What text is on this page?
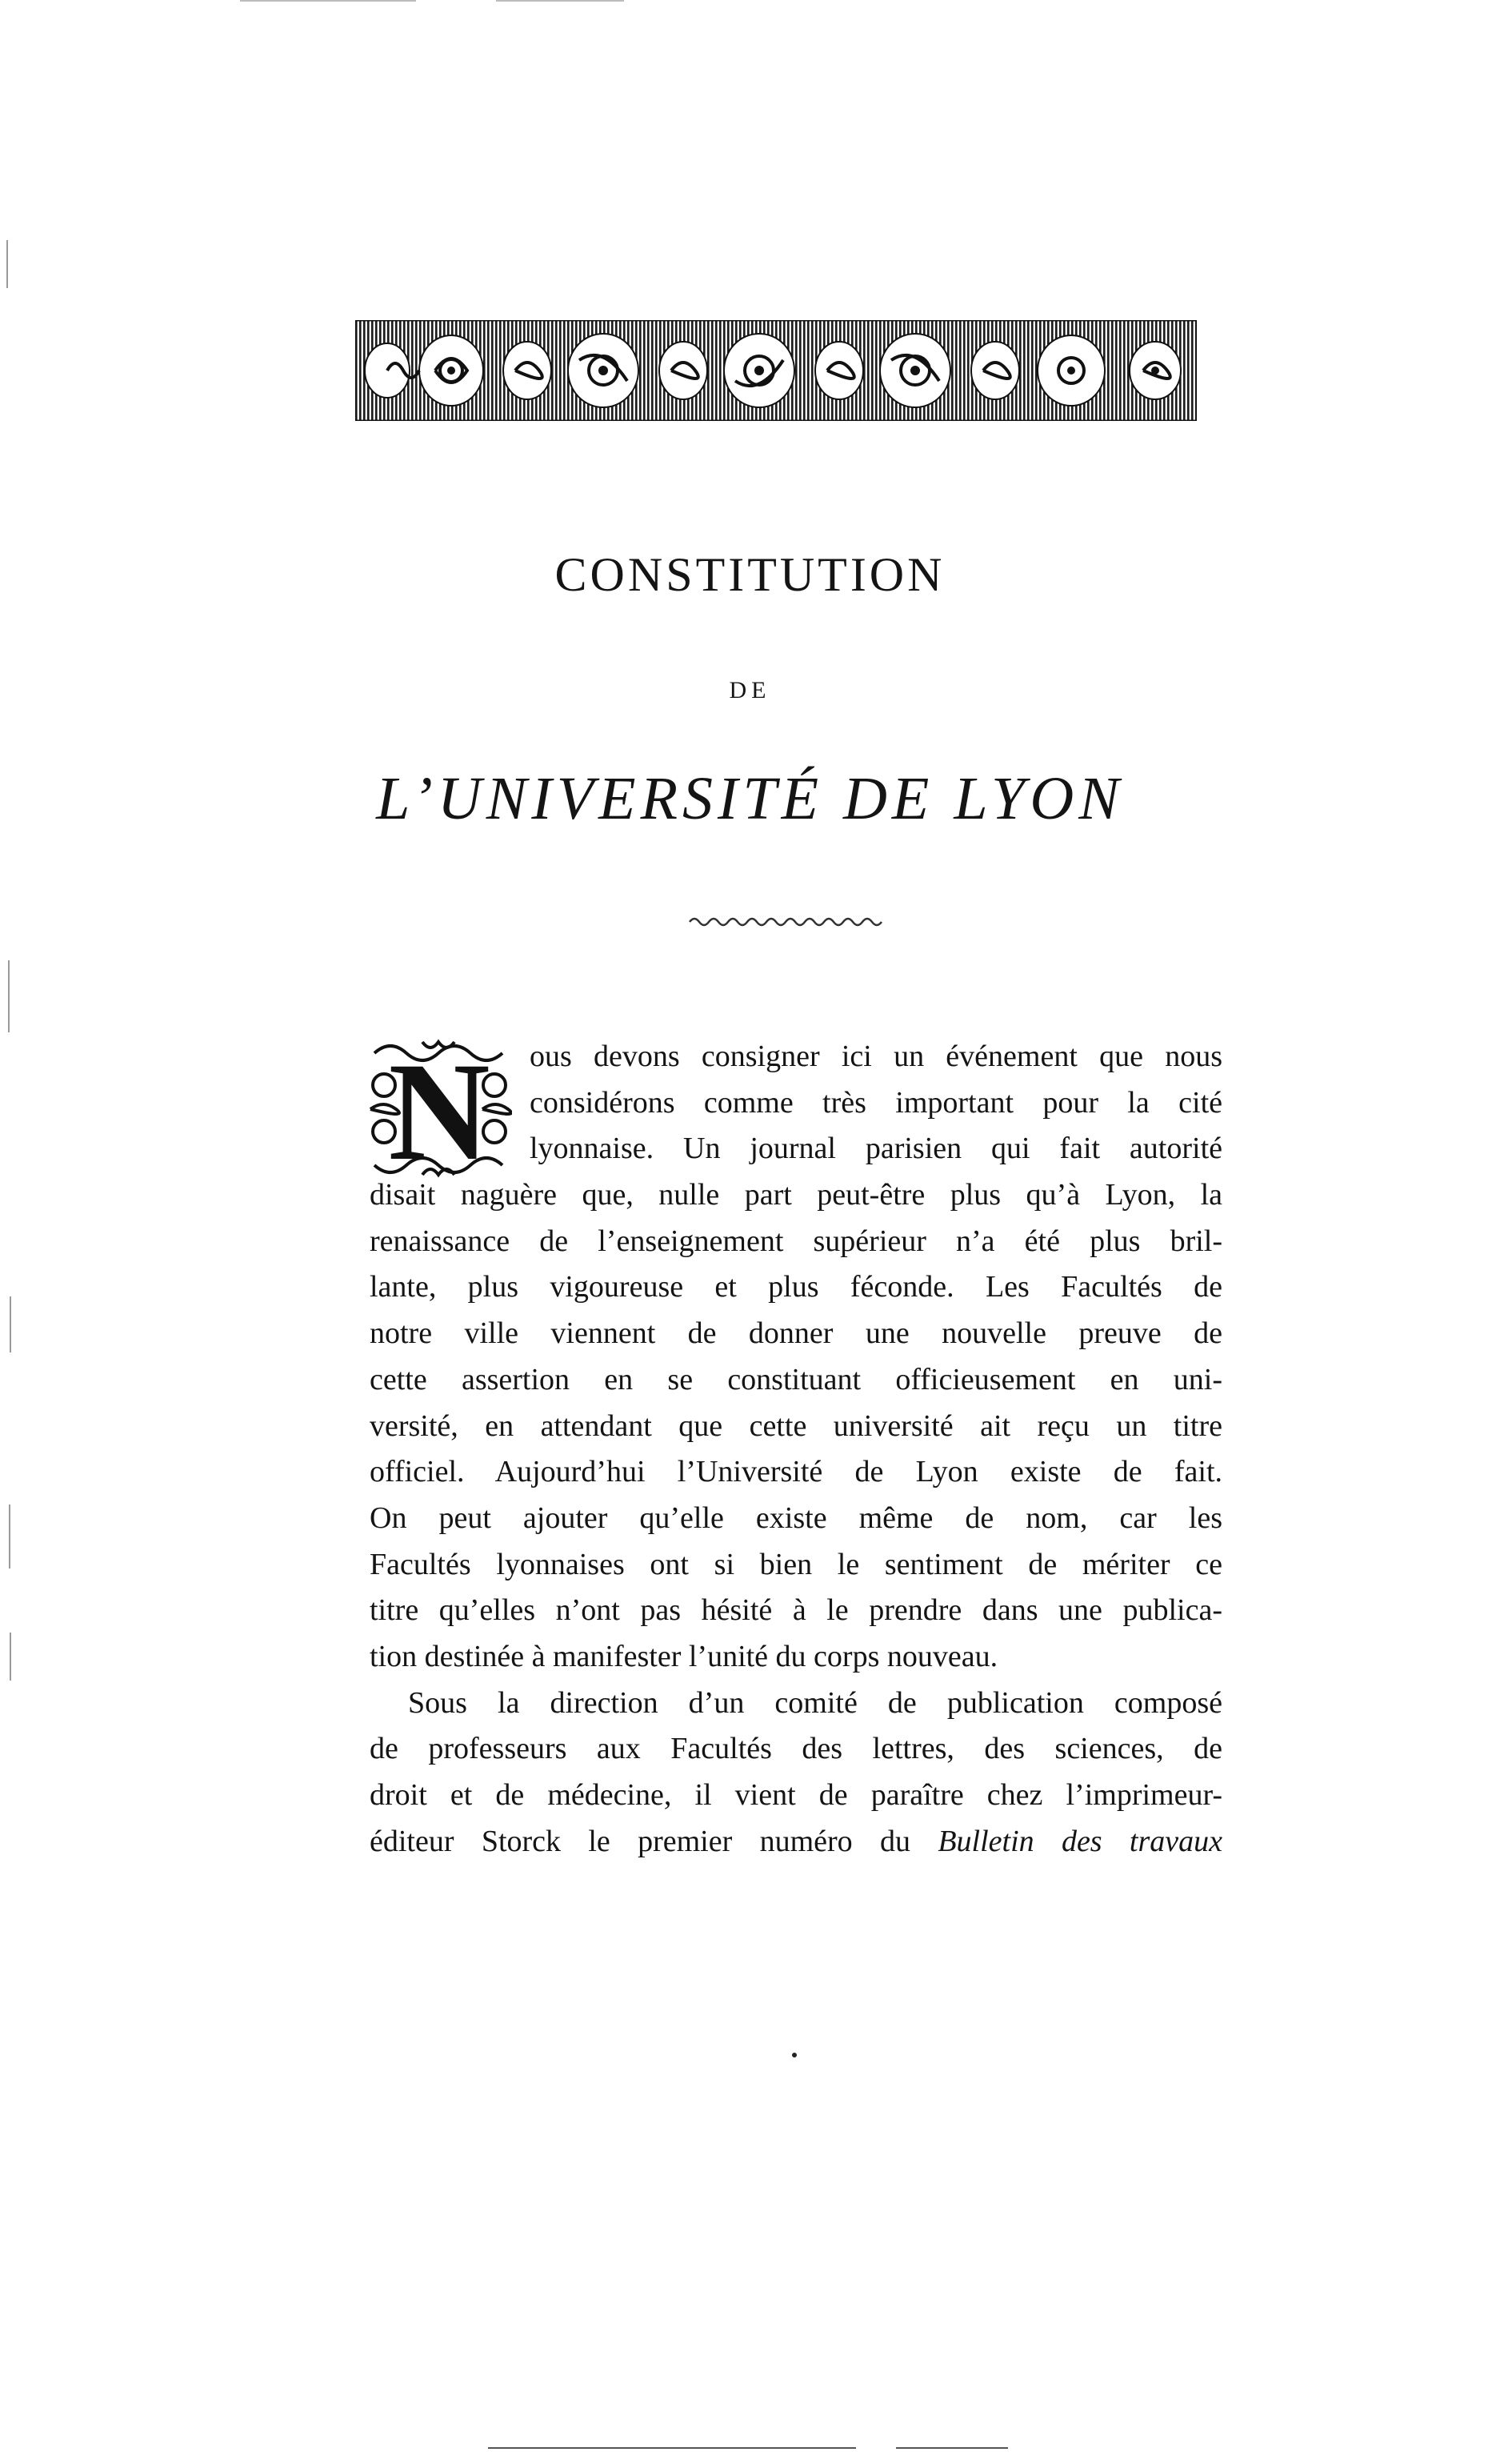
CONSTITUTION
DE
L’UNIVERSITÉ DE LYON
N	ous devons consigner ici un événement que nous
considérons comme très important pour la cité
lyonnaise. Un journal parisien qui fait autorité
disait naguère que, nulle part peut-être plus qu’à Lyon, la
renaissance de l’enseignement supérieur n’a été plus bril-
lante, plus vigoureuse et plus féconde. Les Facultés de
notre ville viennent de donner une nouvelle preuve de
cette assertion en se constituant officieusement en uni-
versité, en attendant que cette université ait reçu un titre
officiel. Aujourd’hui l’Université de Lyon existe de fait.
On peut ajouter qu’elle existe même de nom, car les
Facultés lyonnaises ont si bien le sentiment de mériter ce
titre qu’elles n’ont pas hésité à le prendre dans une publica-
tion destinée à manifester l’unité du corps nouveau.
Sous la direction d’un comité de publication composé
de professeurs aux Facultés des lettres, des sciences, de
droit et de médecine, il vient de paraître chez l’imprimeur-
éditeur Storck le premier numéro du Bulletin des travaux
